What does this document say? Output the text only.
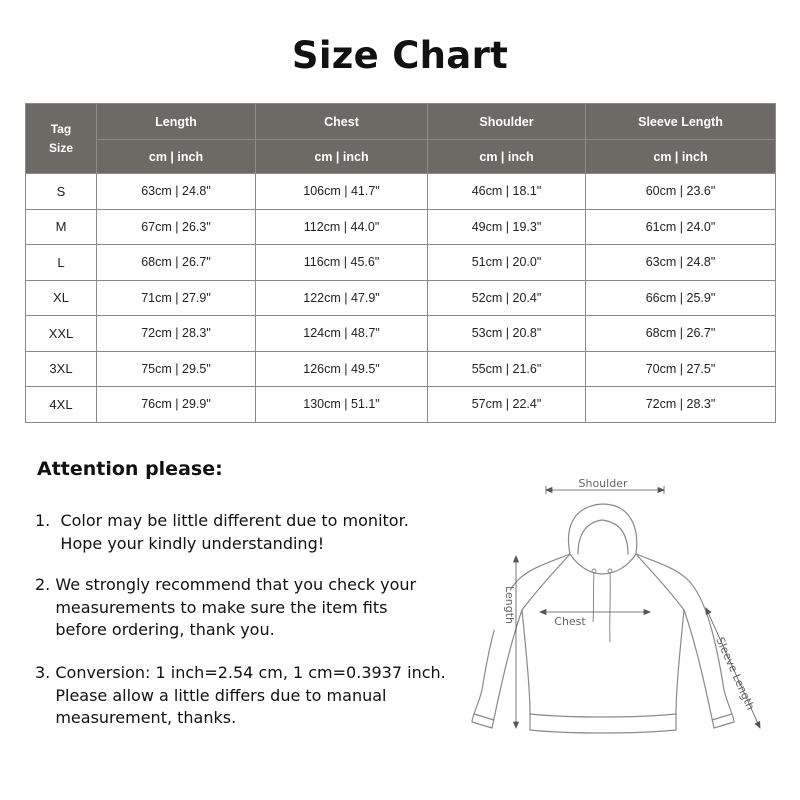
Size Chart
Tag
Size	Length	Chest	Shoulder	Sleeve Length
	cm | inch	cm | inch	cm | inch	cm | inch
S	63cm | 24.8"	106cm | 41.7"	46cm | 18.1"	60cm | 23.6"
M	67cm | 26.3"	112cm | 44.0"	49cm | 19.3"	61cm | 24.0"
L	68cm | 26.7"	116cm | 45.6"	51cm | 20.0"	63cm | 24.8"
XL	71cm | 27.9"	122cm | 47.9"	52cm | 20.4"	66cm | 25.9"
XXL	72cm | 28.3"	124cm | 48.7"	53cm | 20.8"	68cm | 26.7"
3XL	75cm | 29.5"	126cm | 49.5"	55cm | 21.6"	70cm | 27.5"
4XL	76cm | 29.9"	130cm | 51.1"	57cm | 22.4"	72cm | 28.3"
Attention please:
1.  Color may be little different due to monitor.
Hope your kindly understanding!
2. We strongly recommend that you check your
measurements to make sure the item fits
before ordering, thank you.
3. Conversion: 1 inch=2.54 cm, 1 cm=0.3937 inch.
Please allow a little differs due to manual
measurement, thanks.
Shoulder
Chest
Length
Sleeve Length
